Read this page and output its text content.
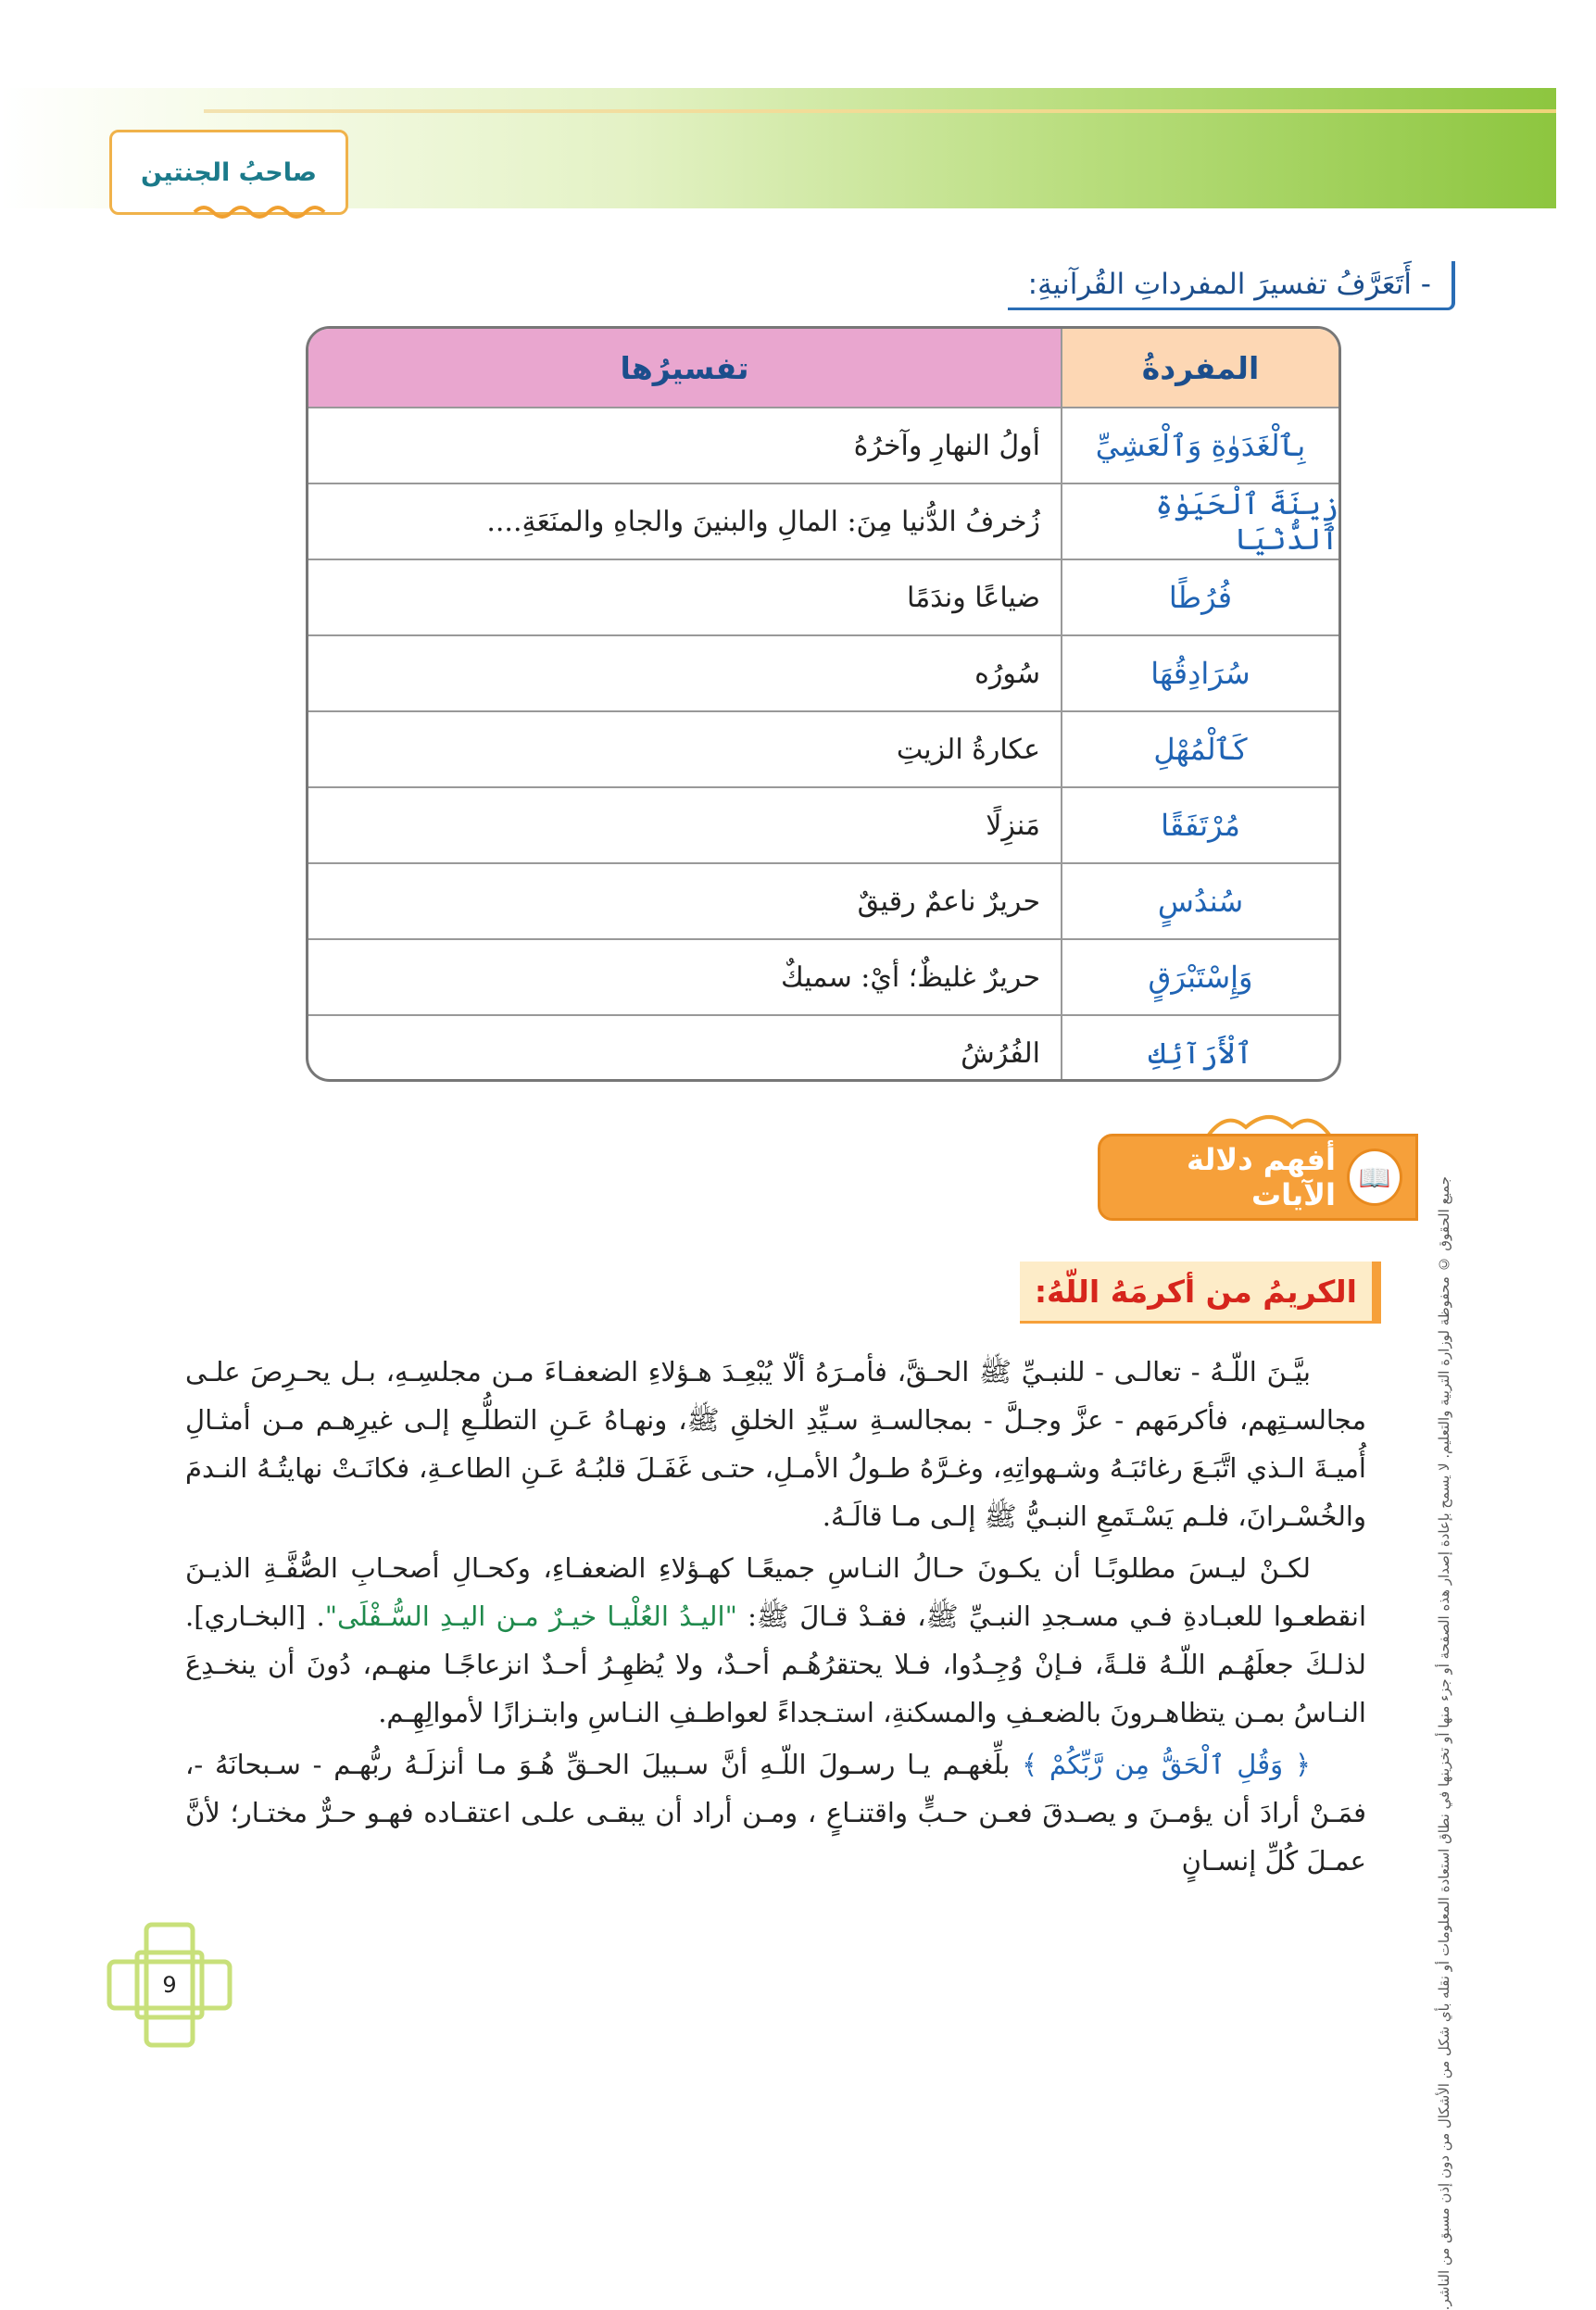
صاحبُ الجنتين
- أَتَعَرَّفُ تفسيرَ المفرداتِ القُرآنيةِ:
المفردةُ
تفسيرُها
بِٱلْغَدَوٰةِ وَٱلْعَشِيِّ
أولُ النهارِ وآخرُهُ
زِينَةَ ٱلْحَيَوٰةِ ٱلدُّنْيَا
زُخرفُ الدُّنيا مِنَ: المالِ والبنينَ والجاهِ والمنَعَةِ....
فُرُطًا
ضياعًا وندَمًا
سُرَادِقُهَا
سُورُه
كَٱلْمُهْلِ
عكارةُ الزيتِ
مُرْتَفَقًا
مَنزِلًا
سُندُسٍ
حريرٌ ناعمٌ رقيقٌ
وَإِسْتَبْرَقٍ
حريرٌ غليظٌ؛ أيْ: سميكٌ
ٱلْأَرَآئِكِ
الفُرُشُ
📖
أفهم دلالة الآيات
الكريمُ من أكرمَهُ اللّهُ:

بيَّـنَ اللّـهُ - تعالـى - للنبـيِّ ﷺ الحـقَّ، فأمـرَهُ ألّا يُبْعِـدَ هـؤلاءِ الضعفـاءَ مـن مجلسِـهِ، بـل يحـرِصَ علـى مجالسـتِهم، فأكرمَهم - عزَّ وجـلَّ - بمجالسـةِ سـيِّدِ الخلقِ ﷺ، ونهـاهُ عَـنِ التطلُّـعِ إلـى غيرِهـم مـن أمثـالِ أُميـةَ الـذي اتَّبَـعَ رغائبَـهُ وشـهواتِهِ، وغـرَّهُ طـولُ الأمـلِ، حتـى غَفَـلَ قلبُـهُ عَـنِ الطاعـةِ، فكانَـتْ نهايتُـهُ النـدمَ والخُسْـرانَ، فلـم يَسْـتَمعِ النبـيُّ ﷺ إلـى مـا قالَـهُ.

لكـنْ ليـسَ مطلوبًـا أن يكـونَ حـالُ النـاسِ جميعًـا كهـؤلاءِ الضعفـاءِ، وكحـالِ أصحـابِ الصُّفَّـةِ الذيـنَ انقطعـوا للعبـادةِ فـي مسـجدِ النبـيِّ ﷺ، فقـدْ قـالَ ﷺ: "اليـدُ العُلْيـا خيـرٌ مـن اليـدِ السُّـفْلَى". [البخـاري]. لذلـكَ جعلَهُـم اللّـهُ قلـةً، فـإنْ وُجِـدُوا، فـلا يحتقرُهُـم أحـدٌ، ولا يُظهِـرُ أحـدٌ انزعاجًـا منهـم، دُونَ أن ينخـدِعَ النـاسُ بمـن يتظاهـرونَ بالضعـفِ والمسكنةِ، استـجداءً لعواطـفِ النـاسِ وابتـزازًا لأموالِهِـم.

﴿ وَقُلِ ٱلْحَقُّ مِن رَّبِّكُمْ ﴾ بلِّغهـم يـا رسـولَ اللّـهِ أنَّ سـبيلَ الحـقِّ هُـوَ مـا أنزلَـهُ ربُّهـم - سـبحانَهُ -، فمَـنْ أرادَ أن يؤمـنَ و يصـدقَ فعـن حـبٍّ واقتنـاعٍ ، ومـن أراد أن يبقـى علـى اعتقـاده فهـو حـرٌّ مختـار؛ لأنَّ عمـلَ كُلِّ إنسـانٍ	جميع الحقوق © محفوظة لوزارة التربية والتعليم. لا يسمح بإعادة إصدار هذه الصفحة أو جزء منها أو تخزينها في نطاق استعادة المعلومات أو نقله بأي شكل من الأشكال من دون إذن مسبق من الناشر.
9
